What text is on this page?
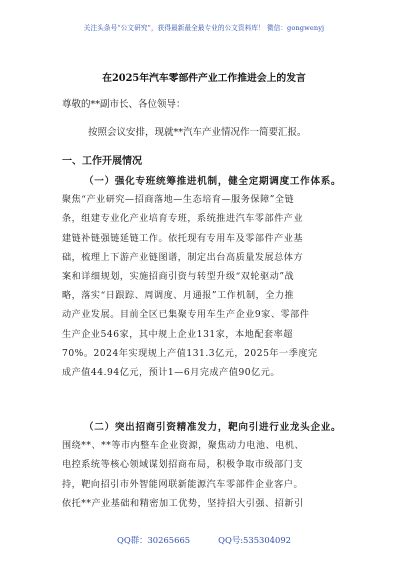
关注头条号“公文研究”，获得最新最全最专业的公文资料库！ 微信：gongwenyj
在2025年汽车零部件产业工作推进会上的发言
尊敬的**副市长、各位领导：
按照会议安排，现就**汽车产业情况作一简要汇报。
一、工作开展情况
（一）强化专班统筹推进机制，健全定期调度工作体系。
聚焦“产业研究—招商落地—生态培育—服务保障”全链
条，组建专业化产业培育专班，系统推进汽车零部件产业
建链补链强链延链工作。依托现有专用车及零部件产业基
础，梳理上下游产业链图谱，制定出台高质量发展总体方
案和详细规划，实施招商引资与转型升级“双轮驱动”战
略，落实“日跟踪、周调度、月通报”工作机制，全力推
动产业发展。目前全区已集聚专用车生产企业9家、零部件
生产企业546家，其中规上企业131家，本地配套率超
70%。2024年实现规上产值131.3亿元，2025年一季度完
成产值44.94亿元，预计1—6月完成产值90亿元。
（二）突出招商引资精准发力，靶向引进行业龙头企业。
围绕**、**等市内整车企业资源，聚焦动力电池、电机、
电控系统等核心领域谋划招商布局，积极争取市级部门支
持，靶向招引市外智能网联新能源汽车零部件企业客户。
依托**产业基础和精密加工优势，坚持招大引强、招新引
QQ群：30265665	QQ号:535304092
